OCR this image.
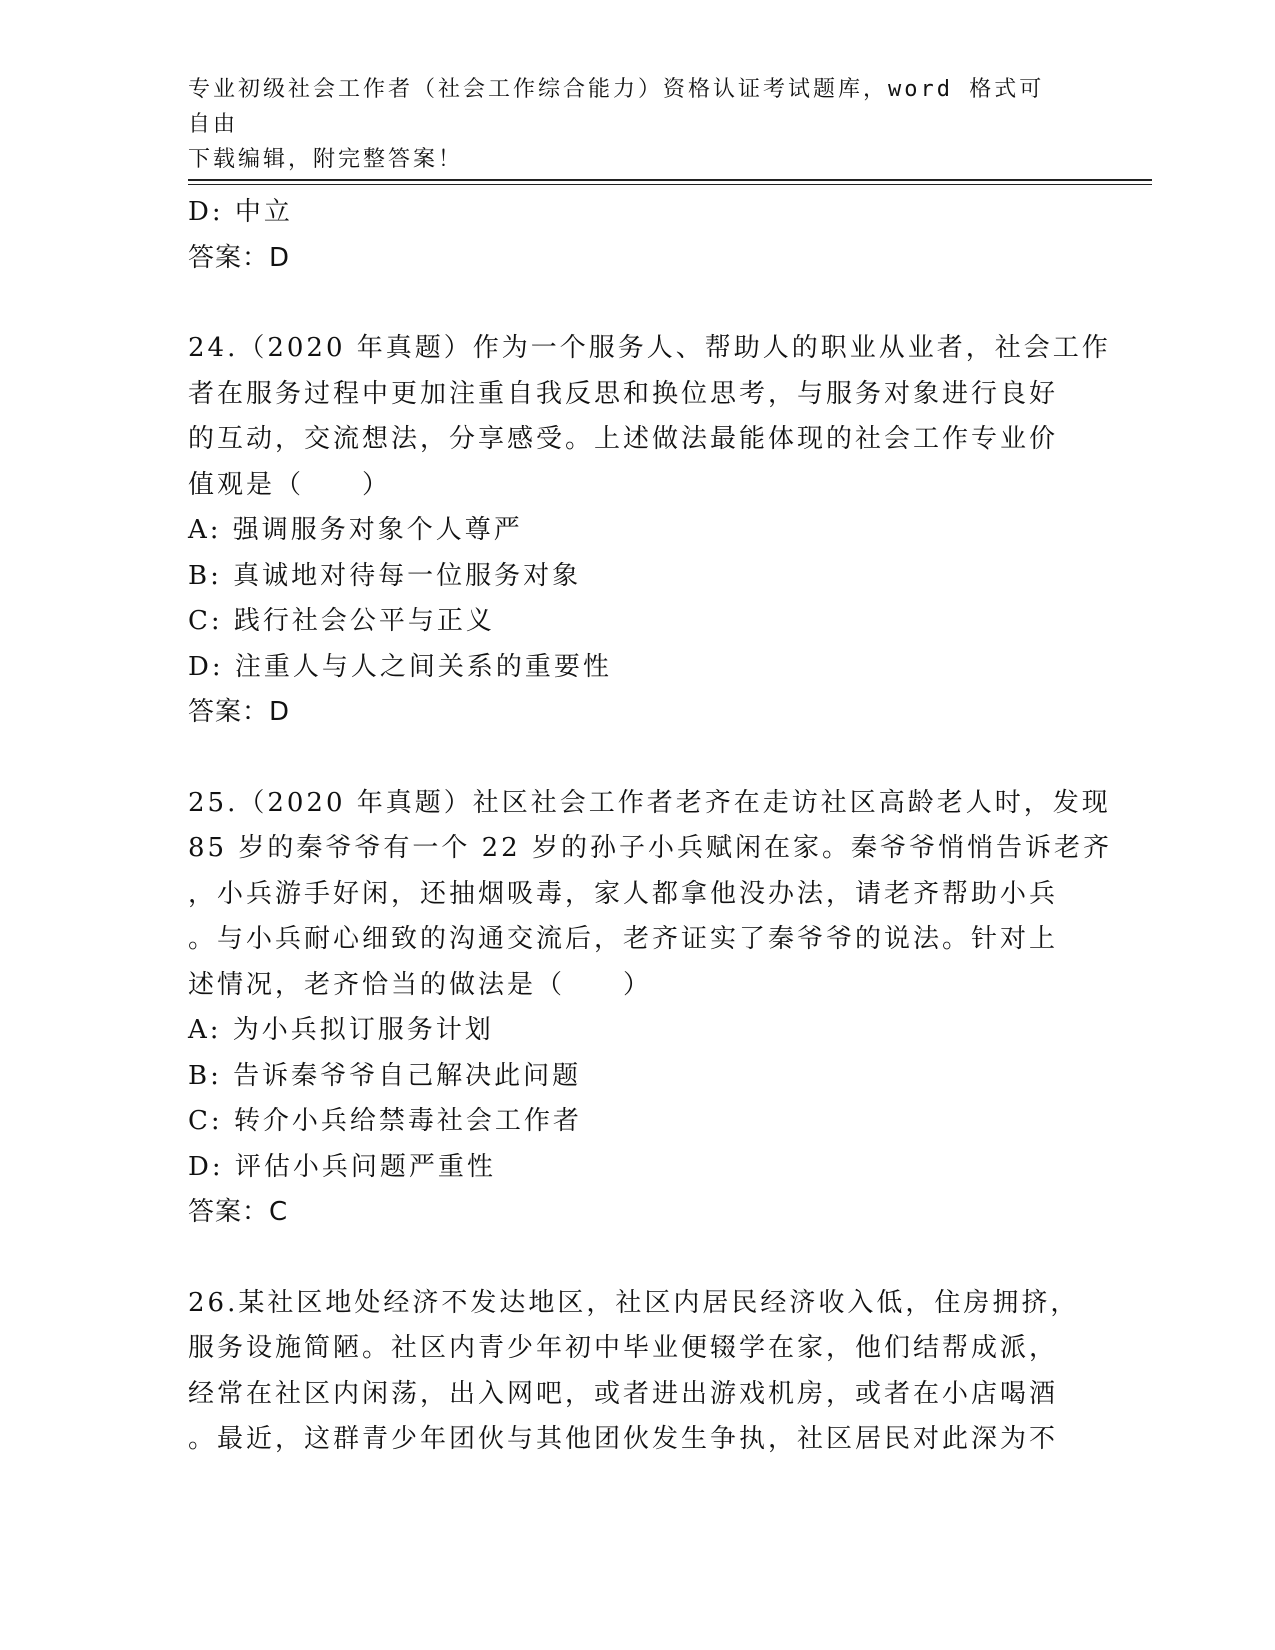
专业初级社会工作者（社会工作综合能力）资格认证考试题库，word 格式可自由
下载编辑，附完整答案！
D: 中立
答案：D
24.（2020 年真题）作为一个服务人、帮助人的职业从业者，社会工作
者在服务过程中更加注重自我反思和换位思考，与服务对象进行良好
的互动，交流想法，分享感受。上述做法最能体现的社会工作专业价
值观是（　　）
A: 强调服务对象个人尊严
B: 真诚地对待每一位服务对象
C: 践行社会公平与正义
D: 注重人与人之间关系的重要性
答案：D
25.（2020 年真题）社区社会工作者老齐在走访社区高龄老人时，发现
85 岁的秦爷爷有一个 22 岁的孙子小兵赋闲在家。秦爷爷悄悄告诉老齐
，小兵游手好闲，还抽烟吸毒，家人都拿他没办法，请老齐帮助小兵
。与小兵耐心细致的沟通交流后，老齐证实了秦爷爷的说法。针对上
述情况，老齐恰当的做法是（　　）
A: 为小兵拟订服务计划
B: 告诉秦爷爷自己解决此问题
C: 转介小兵给禁毒社会工作者
D: 评估小兵问题严重性
答案：C
26.某社区地处经济不发达地区，社区内居民经济收入低，住房拥挤，
服务设施简陋。社区内青少年初中毕业便辍学在家，他们结帮成派，
经常在社区内闲荡，出入网吧，或者进出游戏机房，或者在小店喝酒
。最近，这群青少年团伙与其他团伙发生争执，社区居民对此深为不
